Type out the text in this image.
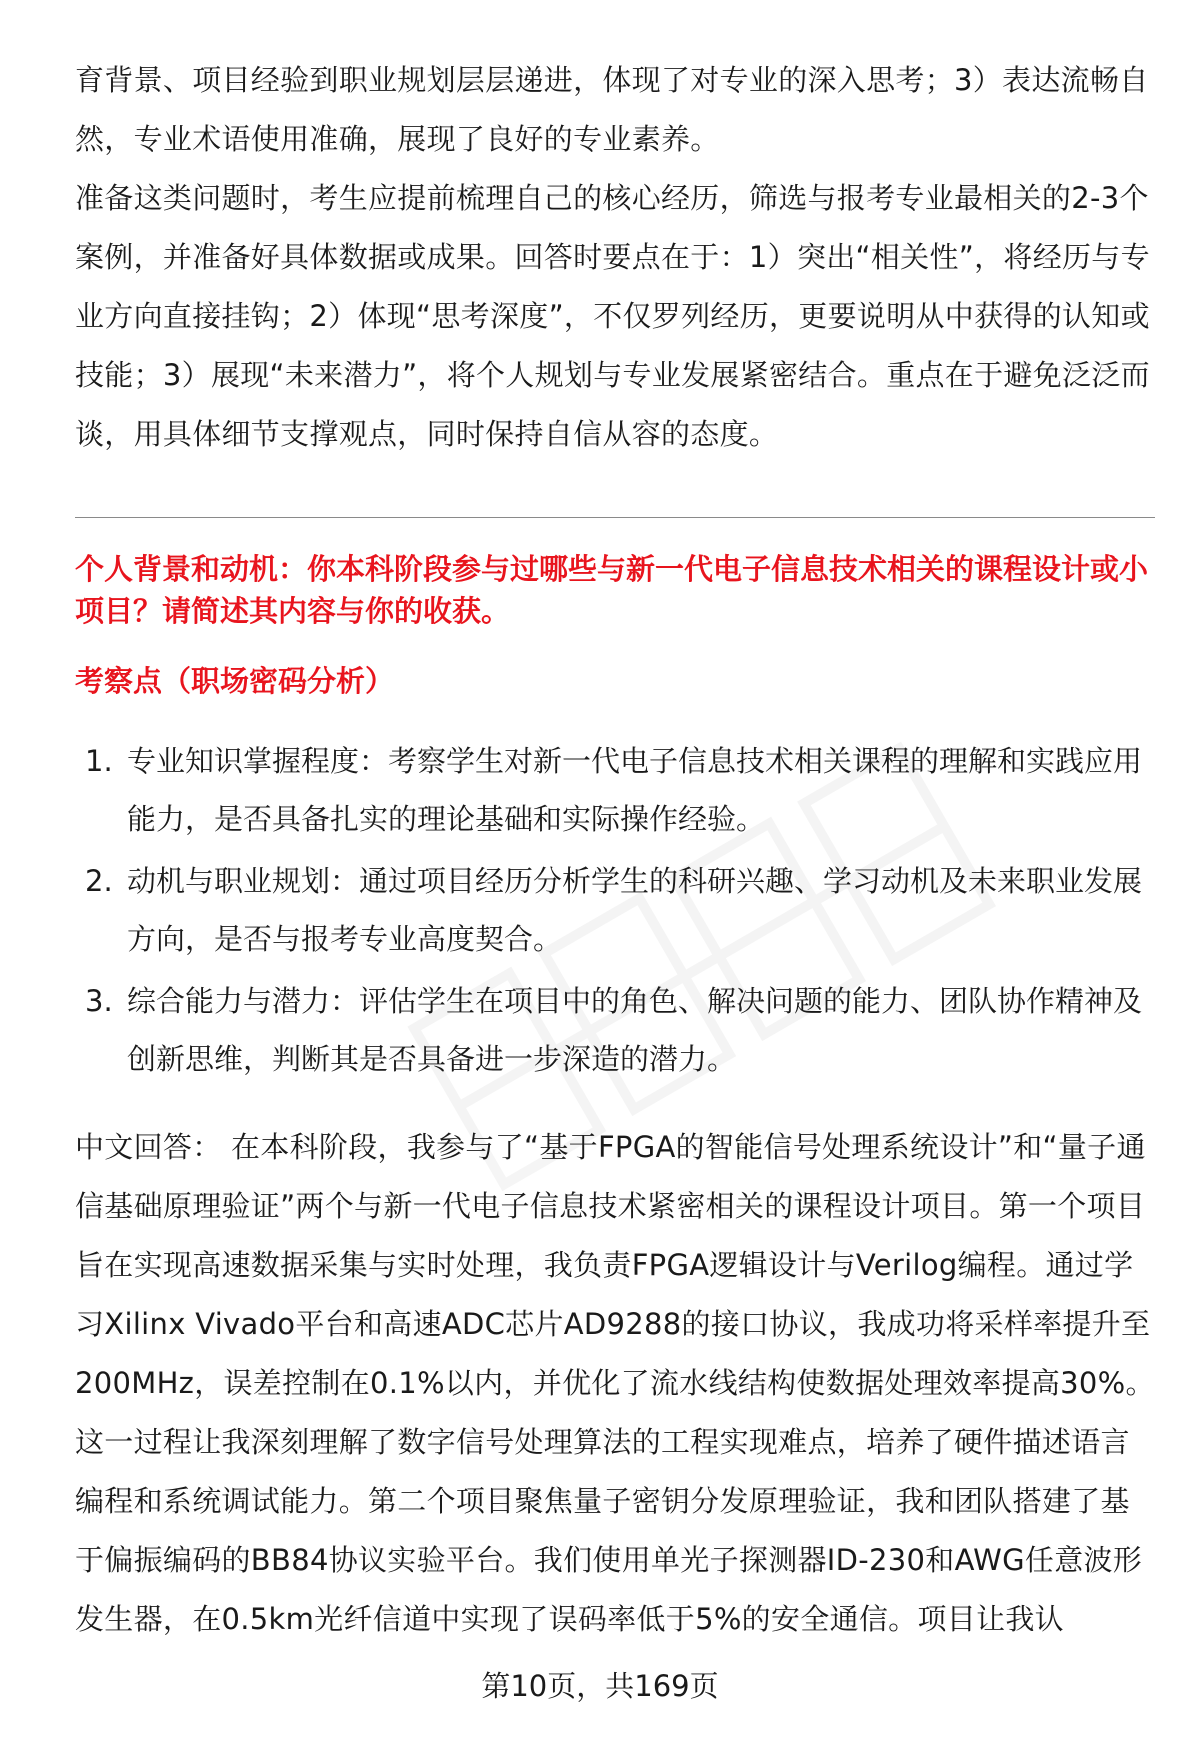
育背景、项目经验到职业规划层层递进，体现了对专业的深入思考；3）表达流畅自然，专业术语使用准确，展现了良好的专业素养。

准备这类问题时，考生应提前梳理自己的核心经历，筛选与报考专业最相关的2-3个案例，并准备好具体数据或成果。回答时要点在于：1）突出“相关性”，将经历与专业方向直接挂钩；2）体现“思考深度”，不仅罗列经历，更要说明从中获得的认知或技能；3）展现“未来潜力”，将个人规划与专业发展紧密结合。重点在于避免泛泛而谈，用具体细节支撑观点，同时保持自信从容的态度。

个人背景和动机：你本科阶段参与过哪些与新一代电子信息技术相关的课程设计或小项目？请简述其内容与你的收获。

考察点（职场密码分析）

1. 专业知识掌握程度：考察学生对新一代电子信息技术相关课程的理解和实践应用能力，是否具备扎实的理论基础和实际操作经验。
2. 动机与职业规划：通过项目经历分析学生的科研兴趣、学习动机及未来职业发展方向，是否与报考专业高度契合。
3. 综合能力与潜力：评估学生在项目中的角色、解决问题的能力、团队协作精神及创新思维，判断其是否具备进一步深造的潜力。

中文回答： 在本科阶段，我参与了“基于FPGA的智能信号处理系统设计”和“量子通信基础原理验证”两个与新一代电子信息技术紧密相关的课程设计项目。第一个项目旨在实现高速数据采集与实时处理，我负责FPGA逻辑设计与Verilog编程。通过学习Xilinx Vivado平台和高速ADC芯片AD9288的接口协议，我成功将采样率提升至200MHz，误差控制在0.1%以内，并优化了流水线结构使数据处理效率提高30%。这一过程让我深刻理解了数字信号处理算法的工程实现难点，培养了硬件描述语言编程和系统调试能力。第二个项目聚焦量子密钥分发原理验证，我和团队搭建了基于偏振编码的BB84协议实验平台。我们使用单光子探测器ID-230和AWG任意波形发生器，在0.5km光纤信道中实现了误码率低于5%的安全通信。项目让我认

第10页，共169页
